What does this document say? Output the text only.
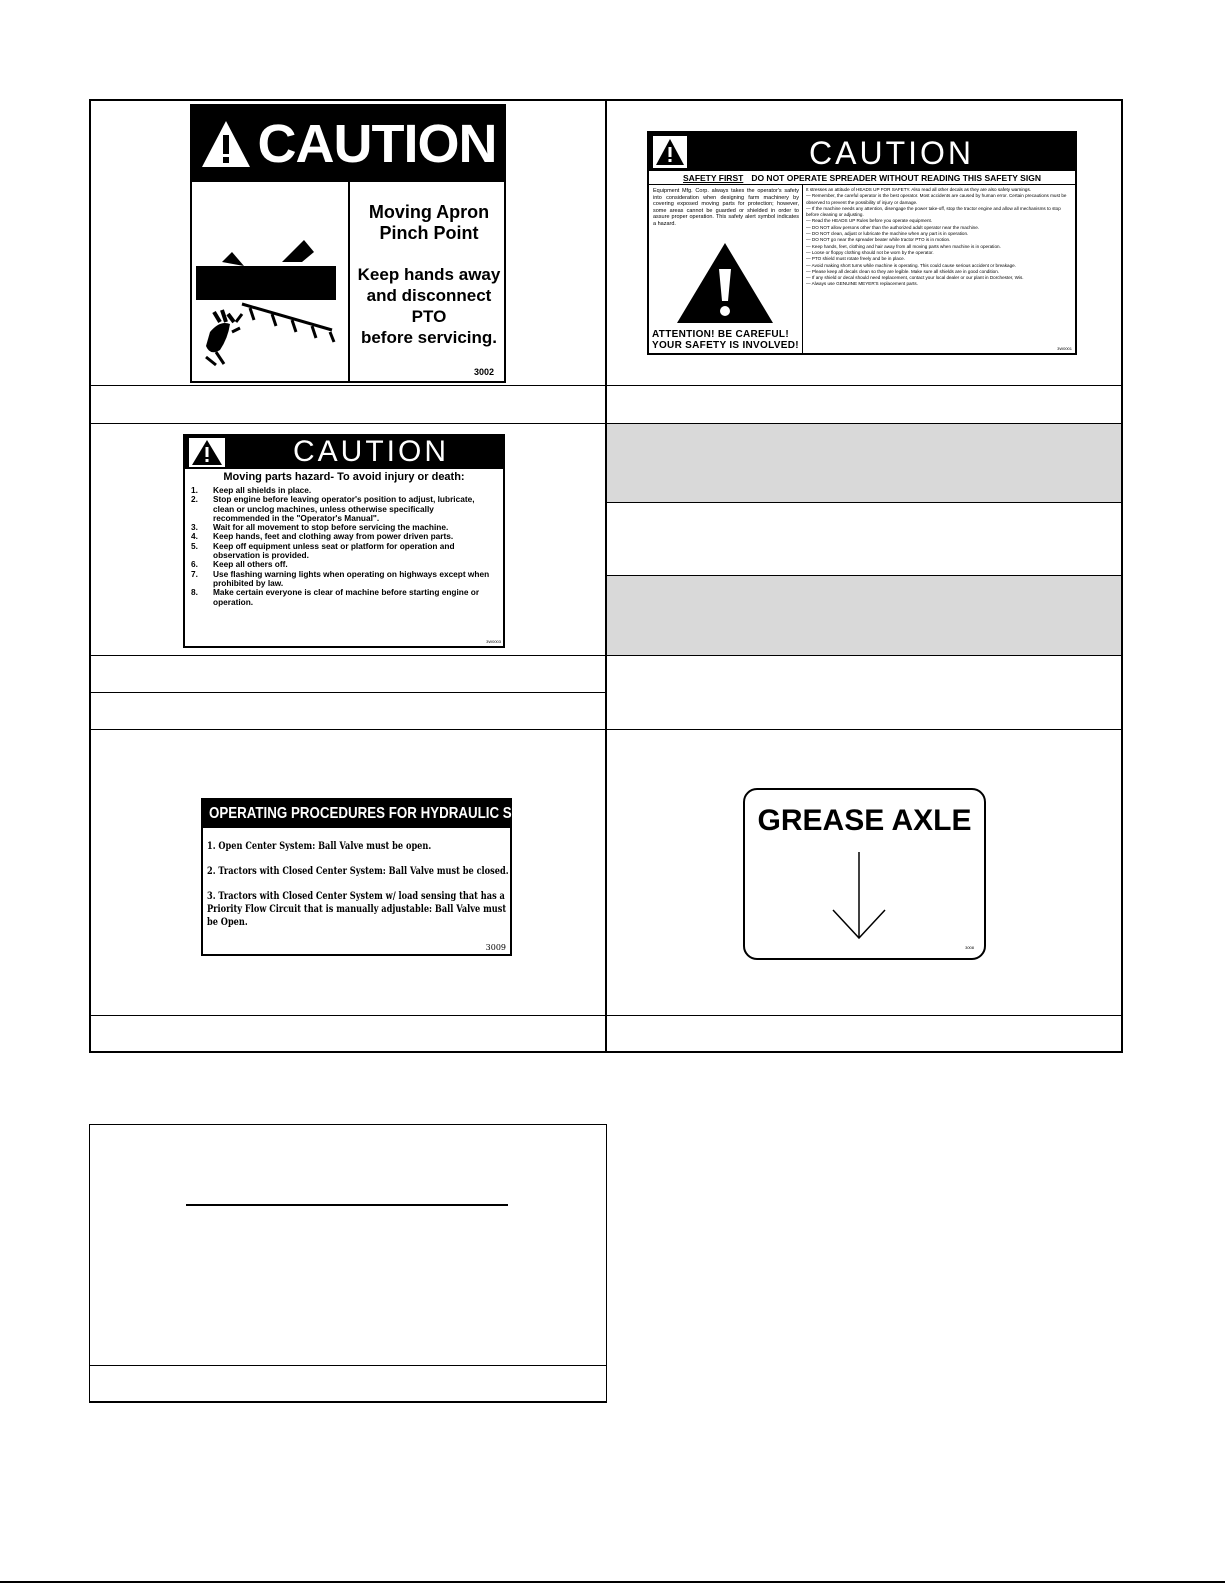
CAUTION
Moving Apron
Pinch Point
Keep hands away
and disconnect PTO
before servicing.
3002
CAUTION
SAFETY FIRST DO NOT OPERATE SPREADER WITHOUT READING THIS SAFETY SIGN
Equipment Mfg. Corp. always takes the operator's safety into consideration when designing farm machinery by covering exposed moving parts for protection; however, some areas cannot be guarded or shielded in order to assure proper operation. This safety alert symbol indicates a hazard.
ATTENTION! BE CAREFUL!
YOUR SAFETY IS INVOLVED!
It stresses an attitude of HEADS UP FOR SAFETY. Also read all other decals as they are also safety warnings.
— Remember, the careful operator is the best operator. Most accidents are caused by human error. Certain precautions must be observed to prevent the possibility of injury or damage.
— If the machine needs any attention, disengage the power take-off, stop the tractor engine and allow all mechanisms to stop before cleaning or adjusting.
— Read the HEADS UP Rules before you operate equipment.
— DO NOT allow persons other than the authorized adult operator near the machine.
— DO NOT clean, adjust or lubricate the machine when any part is in operation.
— DO NOT go near the spreader beater while tractor PTO is in motion.
— Keep hands, feet, clothing and hair away from all moving parts when machine is in operation.
— Loose or floppy clothing should not be worn by the operator.
— PTO shield must rotate freely and be in place.
— Avoid making short turns while machine is operating. This could cause serious accident or breakage.
— Please keep all decals clean so they are legible. Make sure all shields are in good condition.
— If any shield or decal should need replacement, contact your local dealer or our plant in Dorchester, Wis.
— Always use GENUINE MEYER'S replacement parts.
3W0001
CAUTION
Moving parts hazard- To avoid injury or death:
1.	Keep all shields in place.
2.	Stop engine before leaving operator's position to adjust, lubricate, clean or unclog machines, unless otherwise specifically recommended in the "Operator's Manual".
3.	Wait for all movement to stop before servicing the machine.
4.	Keep hands, feet and clothing away from power driven parts.
5.	Keep off equipment unless seat or platform for operation and observation is provided.
6.	Keep all others off.
7.	Use flashing warning lights when operating on highways except when prohibited by law.
8.	Make certain everyone is clear of machine before starting engine or operation.
3W0003
OPERATING PROCEDURES FOR HYDRAULIC SYSTEM
1. Open Center System: Ball Valve must be open.
2. Tractors with Closed Center System: Ball Valve must be closed.
3. Tractors with Closed Center System w/ load sensing that has a Priority Flow Circuit that is manually adjustable: Ball Valve must be Open.
3009
GREASE AXLE
3008
